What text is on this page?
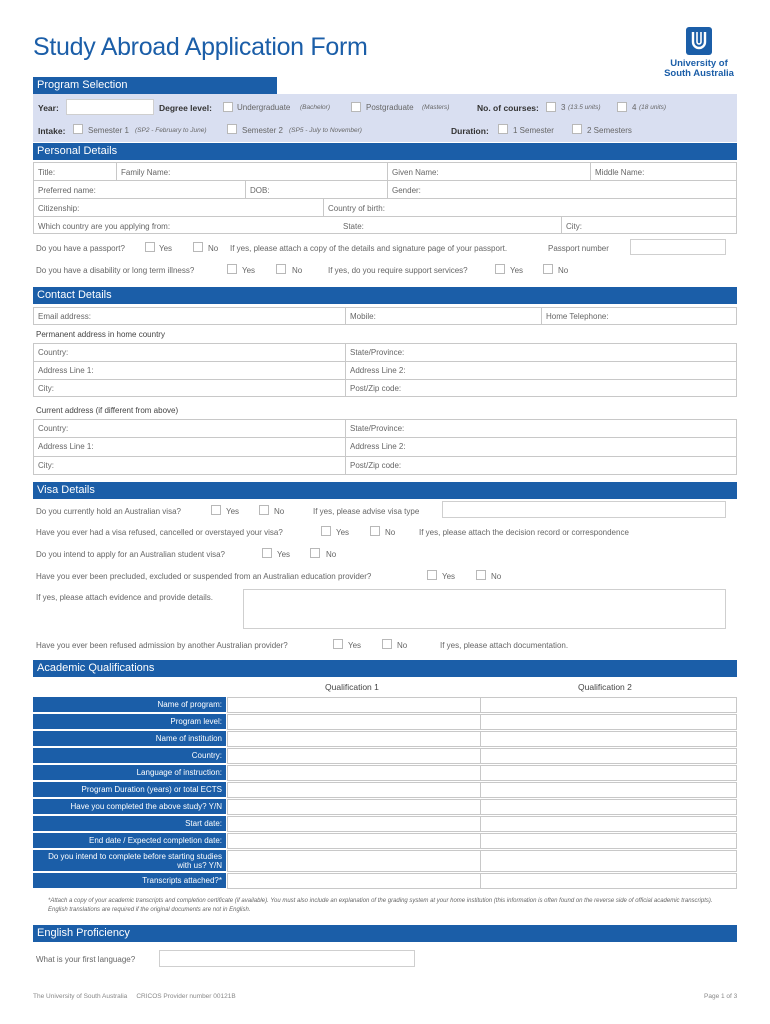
Study Abroad Application Form
University of
South Australia
Program Selection
Year:	Degree level:	Undergraduate (Bachelor)	Postgraduate (Masters)	No. of courses:	3 (13.5 units)	4 (18 units)
Intake:	Semester 1 (SP2 - February to June)	Semester 2 (SP5 - July to November)	Duration:	1 Semester	2 Semesters
Personal Details
Title:	Family Name:	Given Name:	Middle Name:
Preferred name:	DOB:	Gender:
Citizenship:	Country of birth:
Which country are you applying from:	State:	City:
Do you have a passport?	Yes	No If yes, please attach a copy of the details and signature page of your passport.	Passport number
Do you have a disability or long term illness?	Yes	No	If yes, do you require support services?	Yes	No
Contact Details
Email address:	Mobile:	Home Telephone:
Permanent address in home country
Country:	State/Province:
Address Line 1:	Address Line 2:
City:	Post/Zip code:
Current address (if different from above)
Country:	State/Province:
Address Line 1:	Address Line 2:
City:	Post/Zip code:
Visa Details
Do you currently hold an Australian visa?	Yes	No	If yes, please advise visa type
Have you ever had a visa refused, cancelled or overstayed your visa?	Yes	No	If yes, please attach the decision record or correspondence
Do you intend to apply for an Australian student visa?	Yes	No
Have you ever been precluded, excluded or suspended from an Australian education provider?	Yes	No
If yes, please attach evidence and provide details.
Have you ever been refused admission by another Australian provider?	Yes	No	If yes, please attach documentation.
Academic Qualifications
Qualification 1	Qualification 2
Name of program:
Program level:
Name of institution
Country:
Language of instruction:
Program Duration (years) or total ECTS
Have you completed the above study? Y/N
Start date:
End date / Expected completion date:
Do you intend to complete before starting studies with us? Y/N
Transcripts attached?*
*Attach a copy of your academic transcripts and completion certificate (if available). You must also include an explanation of the grading system at your home institution (this information is often found on the reverse side of official academic transcripts). English translations are required if the original documents are not in English.
English Proficiency
What is your first language?
The University of South Australia     CRICOS Provider number 00121B	Page 1 of 3
